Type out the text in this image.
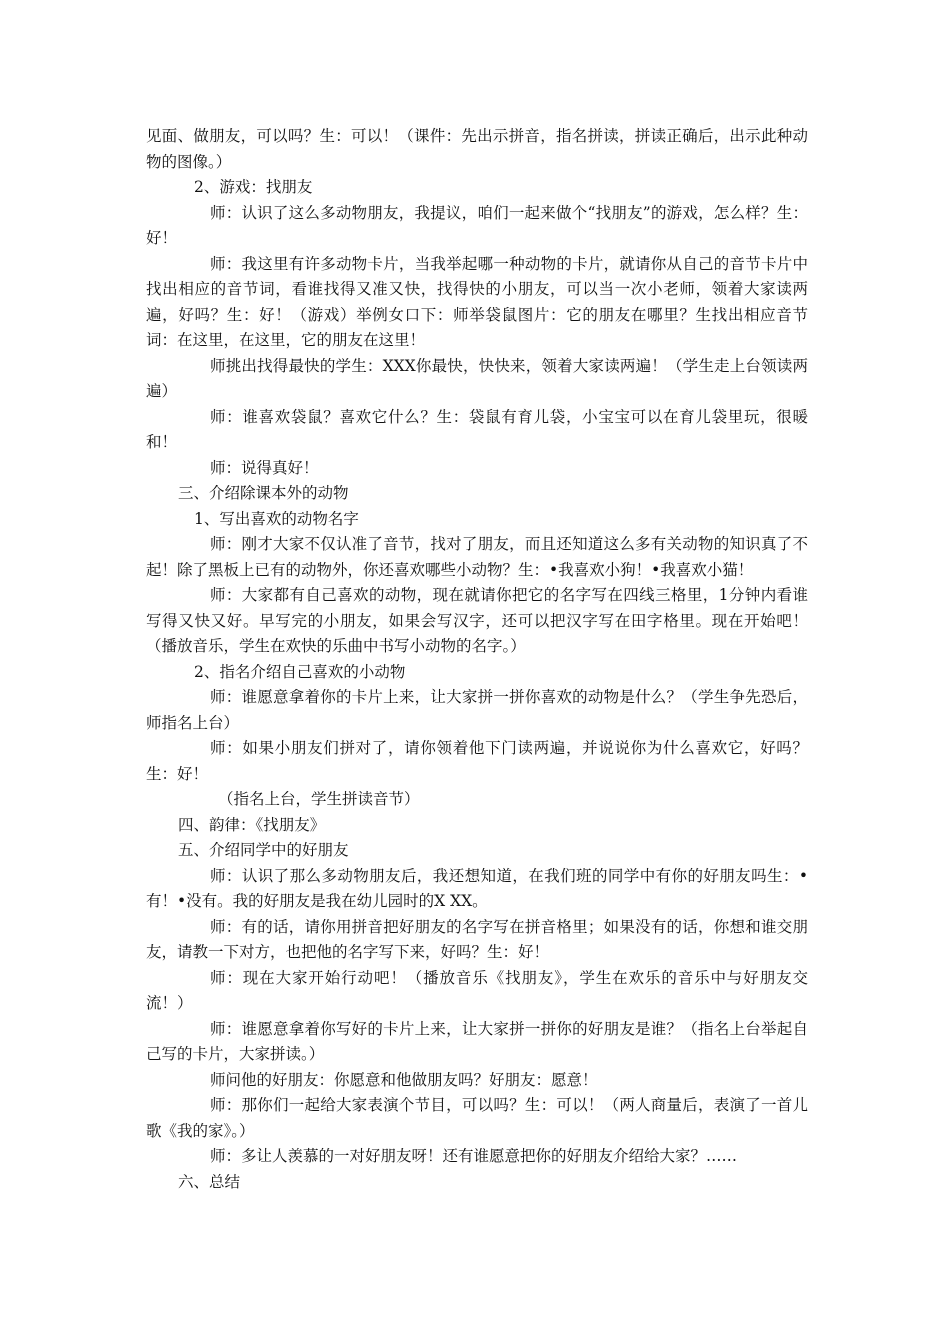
见面、做朋友，可以吗？生：可以！（课件：先出示拼音，指名拼读，拼读正确后，出示此种动物的图像。）

2、游戏：找朋友

师：认识了这么多动物朋友，我提议，咱们一起来做个“找朋友”的游戏，怎么样？生：好！

师：我这里有许多动物卡片，当我举起哪一种动物的卡片，就请你从自己的音节卡片中找出相应的音节词，看谁找得又准又快，找得快的小朋友，可以当一次小老师，领着大家读两遍，好吗？生：好！（游戏）举例女口下：师举袋鼠图片：它的朋友在哪里？生找出相应音节词：在这里，在这里，它的朋友在这里！

师挑出找得最快的学生：XXX你最快，快快来，领着大家读两遍！（学生走上台领读两遍）

师：谁喜欢袋鼠？喜欢它什么？生：袋鼠有育儿袋，小宝宝可以在育儿袋里玩，很暖和！

师：说得真好！

三、介绍除课本外的动物

1、写出喜欢的动物名字

师：刚才大家不仅认准了音节，找对了朋友，而且还知道这么多有关动物的知识真了不起！除了黑板上已有的动物外，你还喜欢哪些小动物？生：•我喜欢小狗！•我喜欢小猫！

师：大家都有自己喜欢的动物，现在就请你把它的名字写在四线三格里，1分钟内看谁写得又快又好。早写完的小朋友，如果会写汉字，还可以把汉字写在田字格里。现在开始吧！（播放音乐，学生在欢快的乐曲中书写小动物的名字。）

2、指名介绍自己喜欢的小动物

师：谁愿意拿着你的卡片上来，让大家拼一拼你喜欢的动物是什么？（学生争先恐后，师指名上台）

师：如果小朋友们拼对了，请你领着他下门读两遍，并说说你为什么喜欢它，好吗？生：好！

（指名上台，学生拼读音节）

四、韵律：《找朋友》

五、介绍同学中的好朋友

师：认识了那么多动物朋友后，我还想知道，在我们班的同学中有你的好朋友吗生：•有！•没有。我的好朋友是我在幼儿园时的X XX。

师：有的话，请你用拼音把好朋友的名字写在拼音格里；如果没有的话，你想和谁交朋友，请教一下对方，也把他的名字写下来，好吗？生：好！

师：现在大家开始行动吧！（播放音乐《找朋友》，学生在欢乐的音乐中与好朋友交流！）

师：谁愿意拿着你写好的卡片上来，让大家拼一拼你的好朋友是谁？（指名上台举起自己写的卡片，大家拼读。）

师问他的好朋友：你愿意和他做朋友吗？好朋友：愿意！

师：那你们一起给大家表演个节目，可以吗？生：可以！（两人商量后，表演了一首儿歌《我的家》。）

师：多让人羡慕的一对好朋友呀！还有谁愿意把你的好朋友介绍给大家？……

六、总结
